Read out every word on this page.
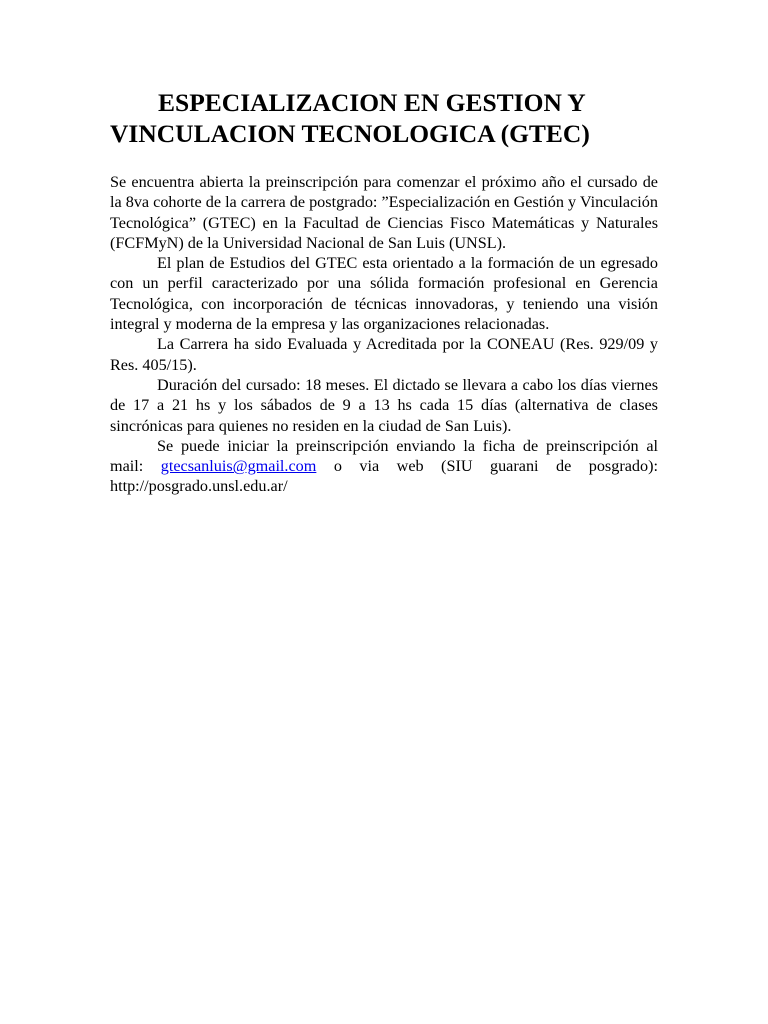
ESPECIALIZACION EN GESTION Y
VINCULACION TECNOLOGICA (GTEC)

Se encuentra abierta la preinscripción para comenzar el próximo año el cursado de la 8va cohorte de la carrera de postgrado: ”Especialización en Gestión y Vinculación Tecnológica” (GTEC) en la Facultad de Ciencias Fisco Matemáticas y Naturales (FCFMyN) de la Universidad Nacional de San Luis (UNSL).

El plan de Estudios del GTEC esta orientado a la formación de un egresado con un perfil caracterizado por una sólida formación profesional en Gerencia Tecnológica, con incorporación de técnicas innovadoras, y teniendo una visión integral y moderna de la empresa y las organizaciones relacionadas.

La Carrera ha sido Evaluada y Acreditada por la CONEAU (Res. 929/09 y Res. 405/15).

Duración del cursado: 18 meses. El dictado se llevara a cabo los días viernes de 17 a 21 hs y los sábados de 9 a 13 hs cada 15 días (alternativa de clases sincrónicas para quienes no residen en la ciudad de San Luis).

Se puede iniciar la preinscripción enviando la ficha de preinscripción al mail: gtecsanluis@gmail.com o via web (SIU guarani de posgrado): http://posgrado.unsl.edu.ar/
